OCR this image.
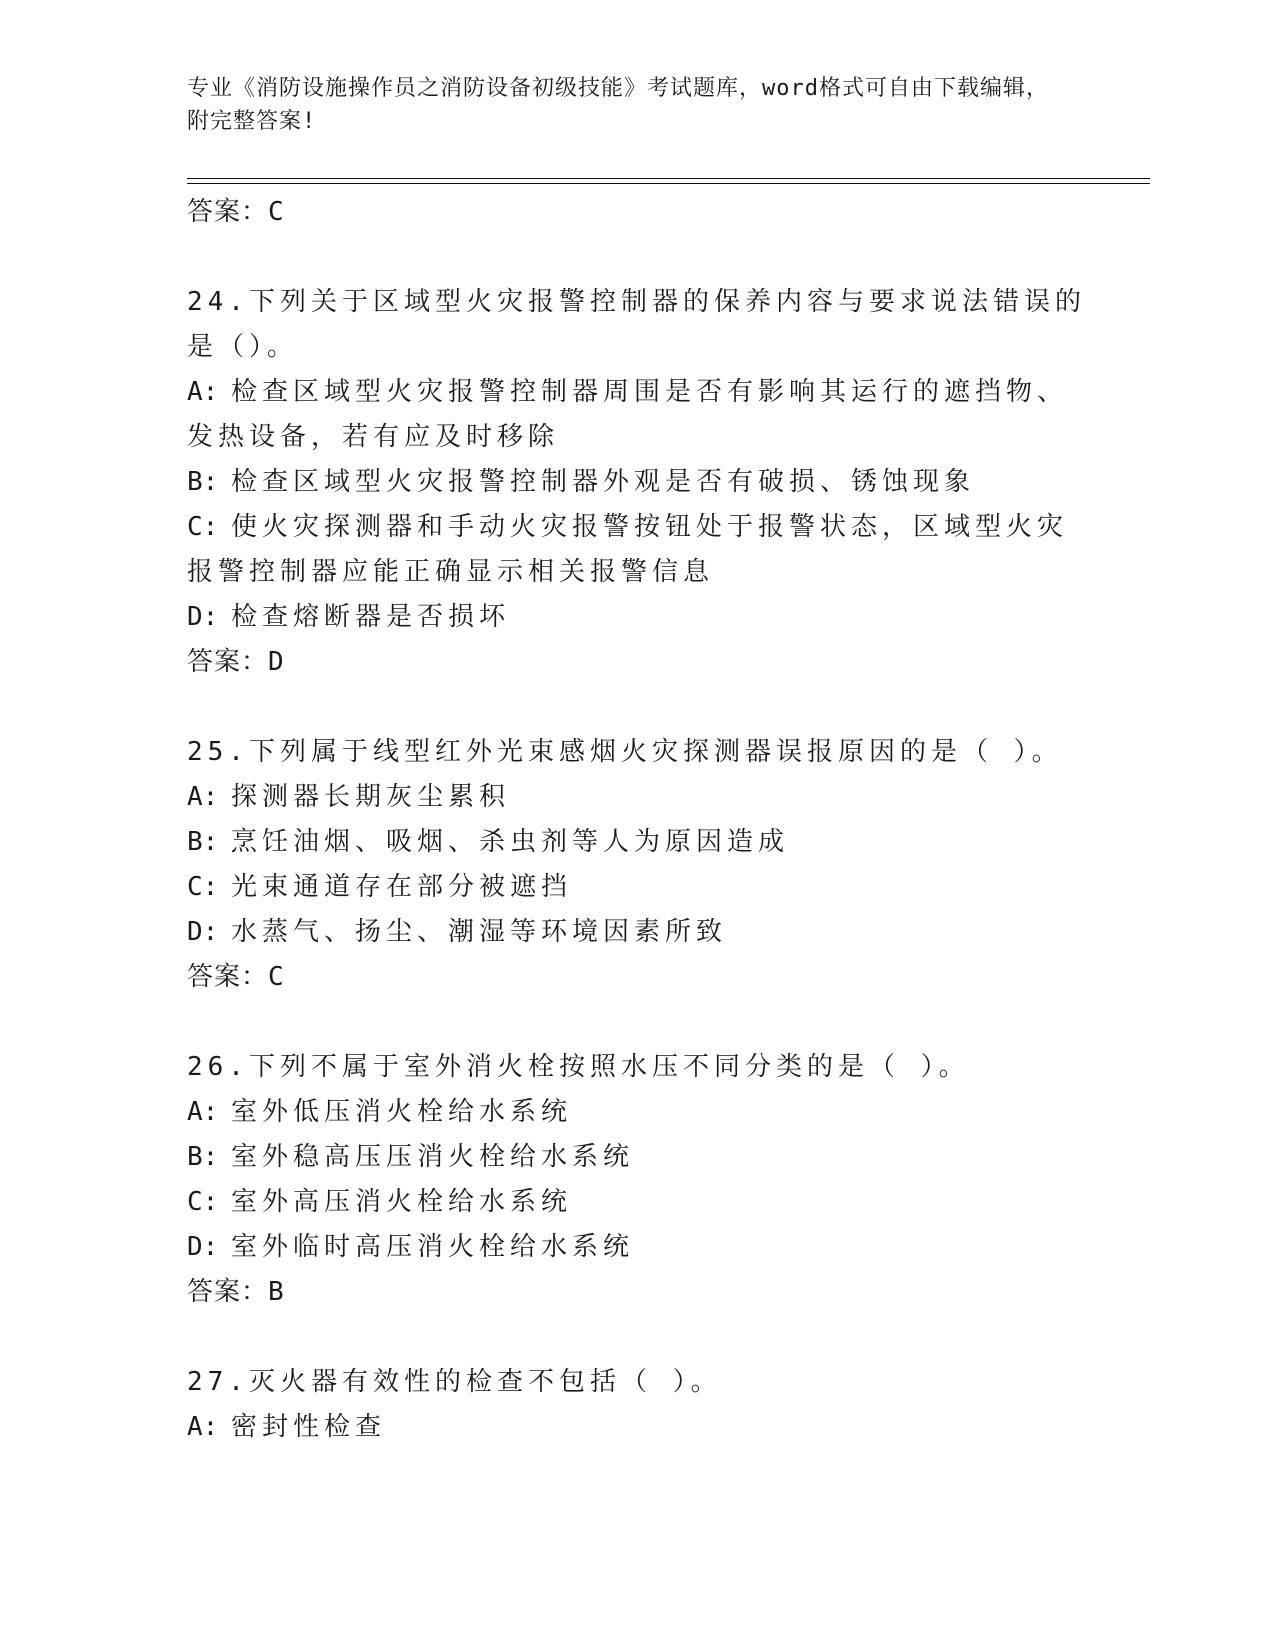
专业《消防设施操作员之消防设备初级技能》考试题库，word格式可自由下载编辑，附完整答案!

答案：C

24.下列关于区域型火灾报警控制器的保养内容与要求说法错误的是（）。

A: 检查区域型火灾报警控制器周围是否有影响其运行的遮挡物、发热设备，若有应及时移除

B: 检查区域型火灾报警控制器外观是否有破损、锈蚀现象

C: 使火灾探测器和手动火灾报警按钮处于报警状态，区域型火灾报警控制器应能正确显示相关报警信息

D: 检查熔断器是否损坏

答案：D

25.下列属于线型红外光束感烟火灾探测器误报原因的是（ ）。

A: 探测器长期灰尘累积

B: 烹饪油烟、吸烟、杀虫剂等人为原因造成

C: 光束通道存在部分被遮挡

D: 水蒸气、扬尘、潮湿等环境因素所致

答案：C

26.下列不属于室外消火栓按照水压不同分类的是（ ）。

A: 室外低压消火栓给水系统

B: 室外稳高压压消火栓给水系统

C: 室外高压消火栓给水系统

D: 室外临时高压消火栓给水系统

答案：B

27.灭火器有效性的检查不包括（ ）。

A: 密封性检查
